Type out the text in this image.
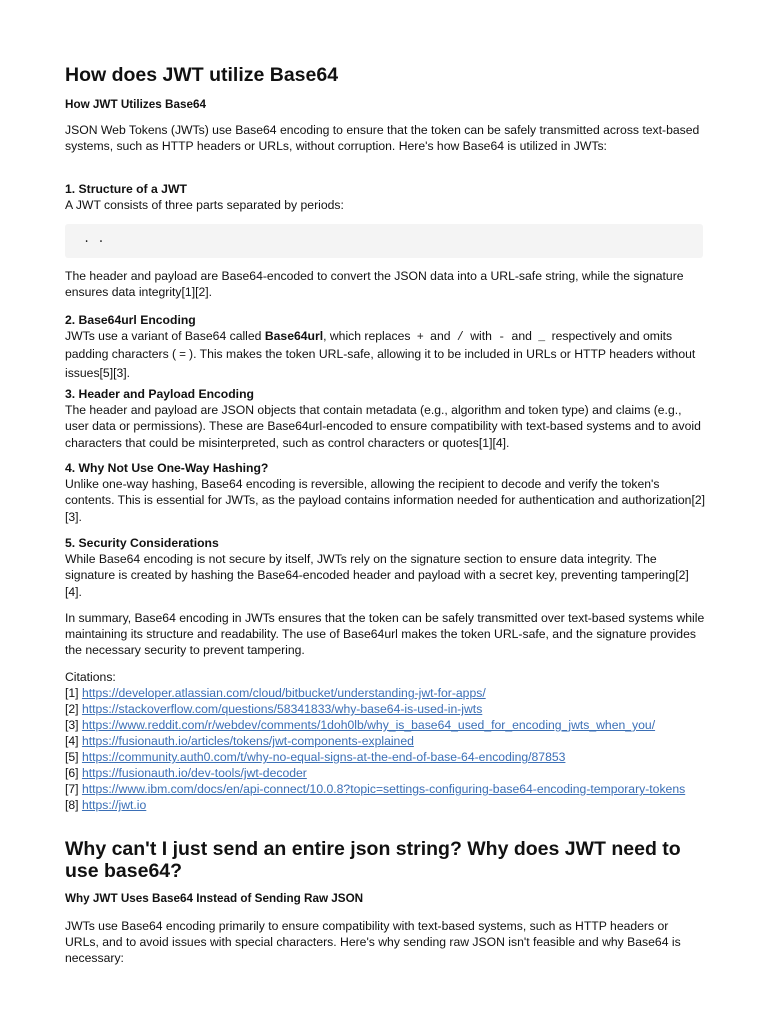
How does JWT utilize Base64
How JWT Utilizes Base64
JSON Web Tokens (JWTs) use Base64 encoding to ensure that the token can be safely transmitted across text-based systems, such as HTTP headers or URLs, without corruption. Here's how Base64 is utilized in JWTs:
1. Structure of a JWT
A JWT consists of three parts separated by periods:
. .
The header and payload are Base64-encoded to convert the JSON data into a URL-safe string, while the signature ensures data integrity[1][2].
2. Base64url Encoding
JWTs use a variant of Base64 called Base64url, which replaces + and / with - and _ respectively and omits padding characters ( = ). This makes the token URL-safe, allowing it to be included in URLs or HTTP headers without issues[5][3].
3. Header and Payload Encoding
The header and payload are JSON objects that contain metadata (e.g., algorithm and token type) and claims (e.g., user data or permissions). These are Base64url-encoded to ensure compatibility with text-based systems and to avoid characters that could be misinterpreted, such as control characters or quotes[1][4].
4. Why Not Use One-Way Hashing?
Unlike one-way hashing, Base64 encoding is reversible, allowing the recipient to decode and verify the token's contents. This is essential for JWTs, as the payload contains information needed for authentication and authorization[2][3].
5. Security Considerations
While Base64 encoding is not secure by itself, JWTs rely on the signature section to ensure data integrity. The signature is created by hashing the Base64-encoded header and payload with a secret key, preventing tampering[2][4].
In summary, Base64 encoding in JWTs ensures that the token can be safely transmitted over text-based systems while maintaining its structure and readability. The use of Base64url makes the token URL-safe, and the signature provides the necessary security to prevent tampering.
Citations:
[1] https://developer.atlassian.com/cloud/bitbucket/understanding-jwt-for-apps/
[2] https://stackoverflow.com/questions/58341833/why-base64-is-used-in-jwts
[3] https://www.reddit.com/r/webdev/comments/1doh0lb/why_is_base64_used_for_encoding_jwts_when_you/
[4] https://fusionauth.io/articles/tokens/jwt-components-explained
[5] https://community.auth0.com/t/why-no-equal-signs-at-the-end-of-base-64-encoding/87853
[6] https://fusionauth.io/dev-tools/jwt-decoder
[7] https://www.ibm.com/docs/en/api-connect/10.0.8?topic=settings-configuring-base64-encoding-temporary-tokens
[8] https://jwt.io
Why can't I just send an entire json string? Why does JWT need to use base64?
Why JWT Uses Base64 Instead of Sending Raw JSON
JWTs use Base64 encoding primarily to ensure compatibility with text-based systems, such as HTTP headers or URLs, and to avoid issues with special characters. Here's why sending raw JSON isn't feasible and why Base64 is necessary:
